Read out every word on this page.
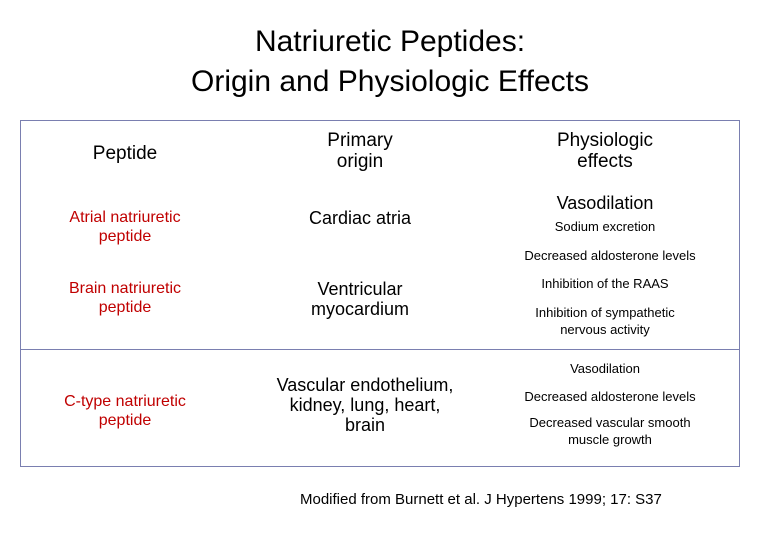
Natriuretic Peptides:
Origin and Physiologic Effects
Peptide
Primary
origin
Physiologic
effects
Atrial natriuretic
peptide
Cardiac atria
Brain natriuretic
peptide
Ventricular
myocardium
Vasodilation
Sodium excretion
Decreased aldosterone levels
Inhibition of the RAAS
Inhibition of sympathetic
nervous activity
C-type natriuretic
peptide
Vascular endothelium,
kidney, lung, heart,
brain
Vasodilation
Decreased aldosterone levels
Decreased vascular smooth
muscle growth
Modified from Burnett et al. J Hypertens 1999; 17: S37
